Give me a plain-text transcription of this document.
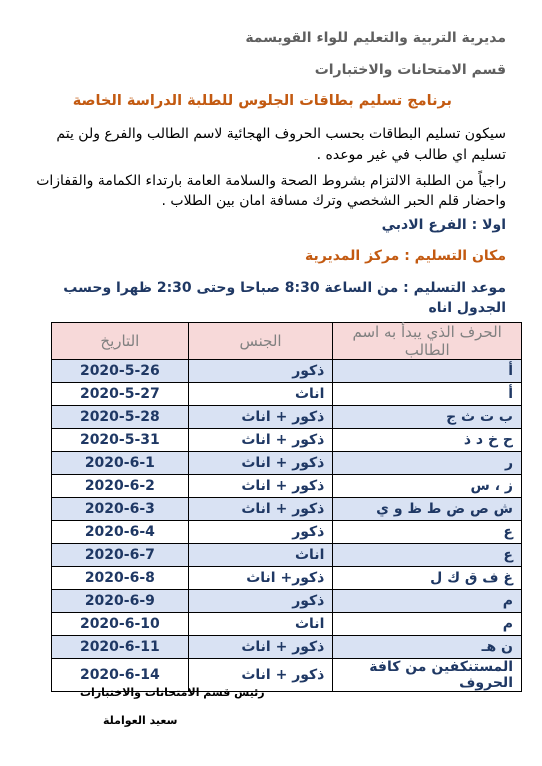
مديرية التربية والتعليم للواء القويسمة
قسم الامتحانات والاختبارات
برنامج تسليم بطاقات الجلوس للطلبة الدراسة الخاصة
سيكون تسليم البطاقات بحسب الحروف الهجائية لاسم الطالب والفرع ولن يتم تسليم اي طالب في غير موعده .
راجياً من الطلبة الالتزام بشروط الصحة والسلامة العامة بارتداء الكمامة والقفازات واحضار قلم الحبر الشخصي وترك مسافة امان بين الطلاب .
اولا : الفرع الادبي
مكان التسليم : مركز المديرية
موعد التسليم : من الساعة 8:30 صباحا وحتى 2:30 ظهرا وحسب الجدول اناه
الحرف الذي يبدأ به اسم الطالب	الجنس	التاريخ
أ	ذكور	2020-5-26
أ	اناث	2020-5-27
ب ت ث ج	ذكور + اناث	2020-5-28
ح خ د ذ	ذكور + اناث	2020-5-31
ر	ذكور + اناث	2020-6-1
ز ، س	ذكور + اناث	2020-6-2
ش ص ض ط ظ و ي	ذكور + اناث	2020-6-3
ع	ذكور	2020-6-4
ع	اناث	2020-6-7
غ ف ق ك ل	ذكور+ اناث	2020-6-8
م	ذكور	2020-6-9
م	اناث	2020-6-10
ن هـ	ذكور + اناث	2020-6-11
المستنكفين من كافة الحروف	ذكور + اناث	2020-6-14
رئيس قسم الامتحانات والاختبارات
سعيد العواملة
